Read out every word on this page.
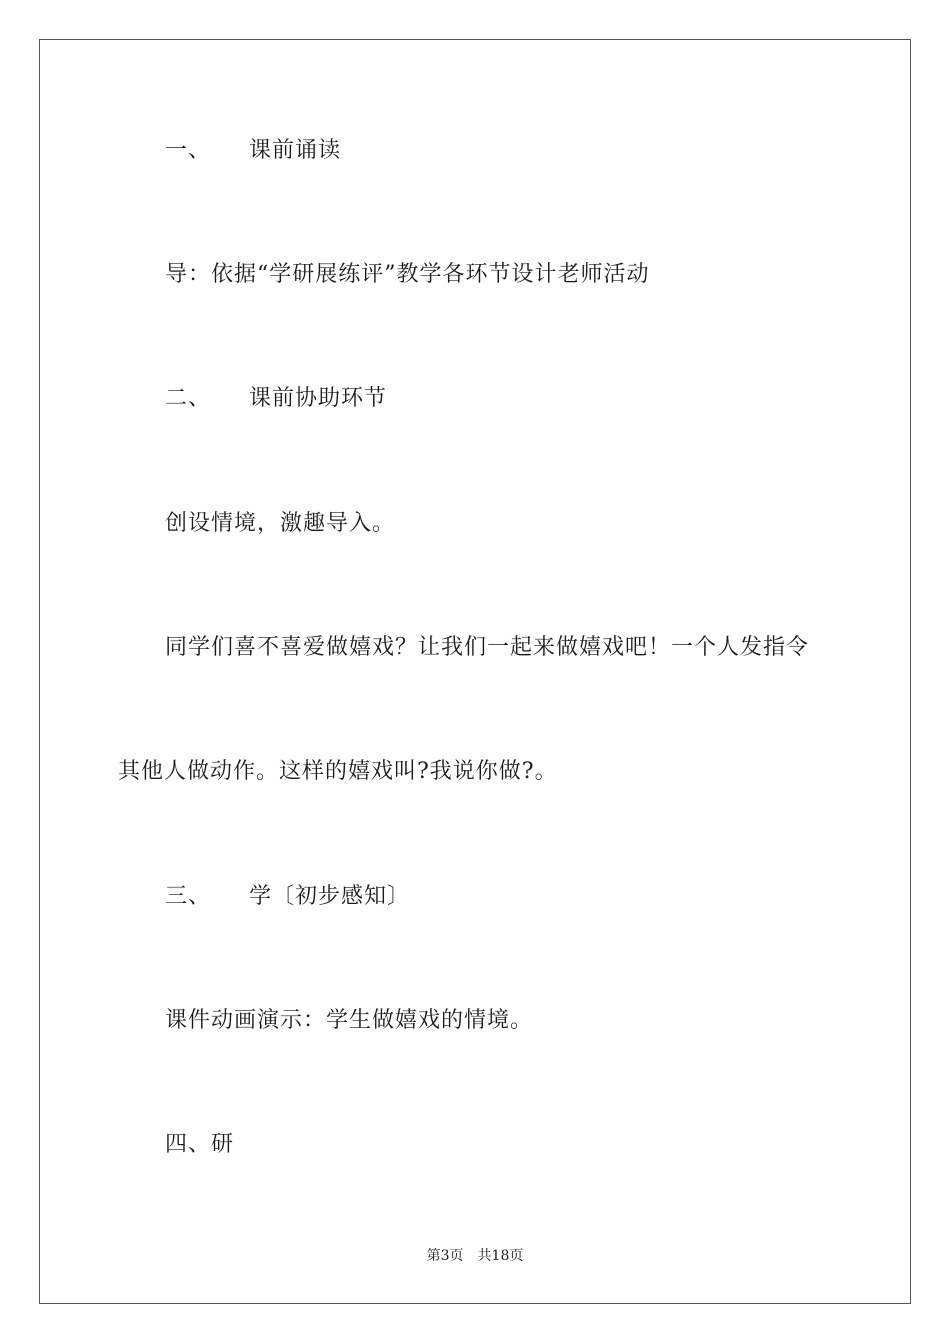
一、 课前诵读
导：依据“学研展练评”教学各环节设计老师活动
二、 课前协助环节
创设情境，激趣导入。
同学们喜不喜爱做嬉戏？让我们一起来做嬉戏吧！一个人发指令
其他人做动作。这样的嬉戏叫?我说你做?。
三、 学〔初步感知〕
课件动画演示：学生做嬉戏的情境。
四、研
第3页 共18页
